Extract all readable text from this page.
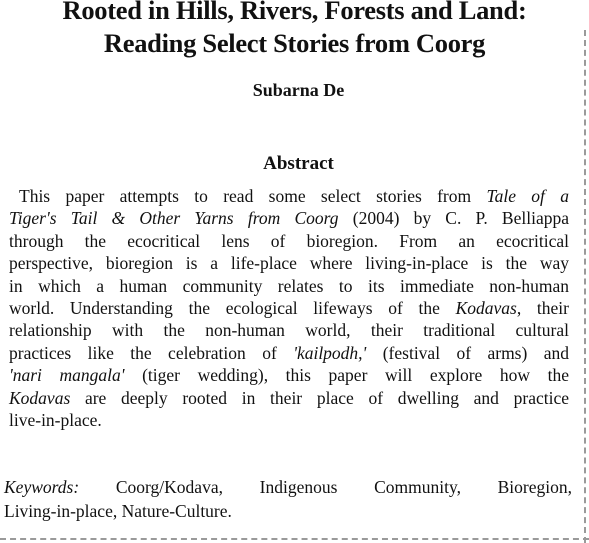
Rooted in Hills, Rivers, Forests and Land:
Reading Select Stories from Coorg
Subarna De
Abstract
This paper attempts to read some select stories from Tale of a
Tiger's Tail & Other Yarns from Coorg (2004) by C. P. Belliappa
through the ecocritical lens of bioregion. From an ecocritical
perspective, bioregion is a life-place where living-in-place is the way
in which a human community relates to its immediate non-human
world. Understanding the ecological lifeways of the Kodavas, their
relationship with the non-human world, their traditional cultural
practices like the celebration of 'kailpodh,' (festival of arms) and
'nari mangala' (tiger wedding), this paper will explore how the
Kodavas are deeply rooted in their place of dwelling and practice
live-in-place.
Keywords: Coorg/Kodava, Indigenous Community, Bioregion,
Living-in-place, Nature-Culture.
